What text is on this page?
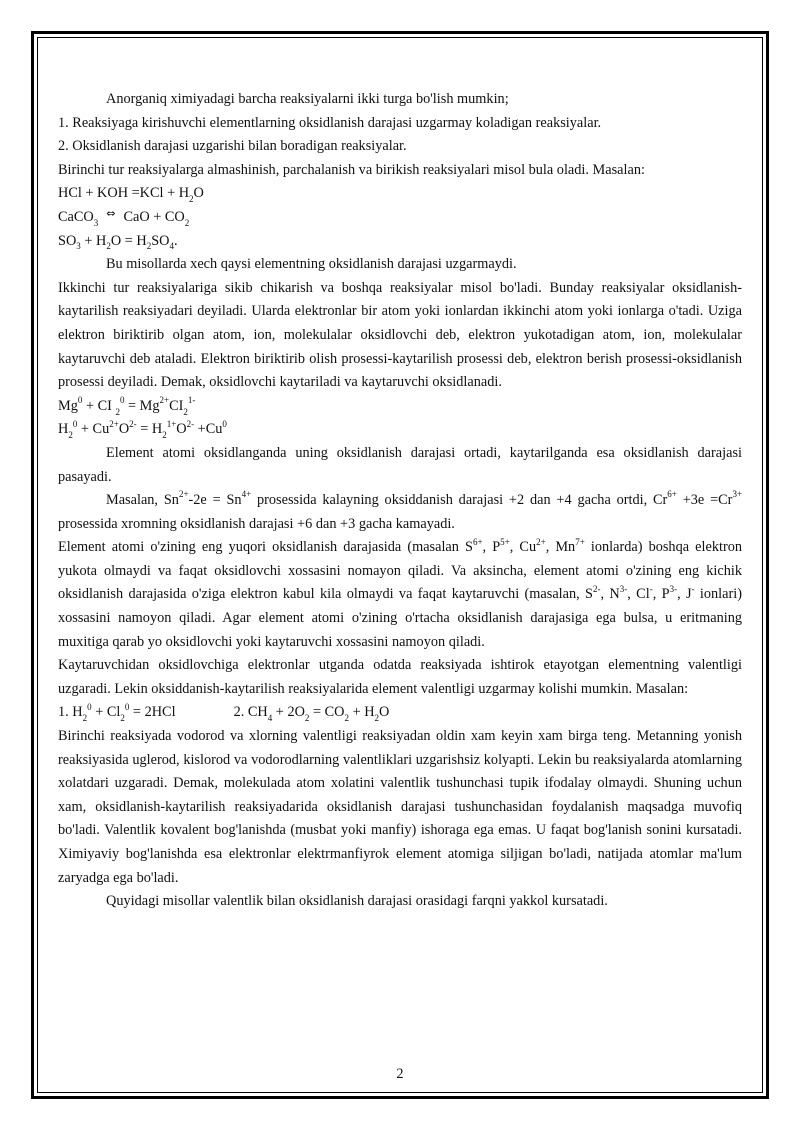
Anorganiq ximiyadagi barcha reaksiyalarni ikki turga bo'lish mumkin;

1. Reaksiyaga kirishuvchi elementlarning oksidlanish darajasi uzgarmay koladigan reaksiyalar.

2. Oksidlanish darajasi uzgarishi bilan boradigan reaksiyalar.

Birinchi tur reaksiyalarga almashinish, parchalanish va birikish reaksiyalari misol bula oladi. Masalan:

HCl + KOH $=KCl + H_2O$

CaCO$_3$⇔ CaO + $CO_2$

$SO_3 + H_2O = H_2SO_4$.

Bu misollarda xech qaysi elementning oksidlanish darajasi uzgarmaydi.

Ikkinchi tur reaksiyalariga sikib chikarish va boshqa reaksiyalar misol bo'ladi. Bunday reaksiyalar oksidlanish-kaytarilish reaksiyadari deyiladi. Ularda elektronlar bir atom yoki ionlardan ikkinchi atom yoki ionlarga o'tadi. Uziga elektron biriktirib olgan atom, ion, molekulalar oksidlovchi deb, elektron yukotadigan atom, ion, molekulalar kaytaruvchi deb ataladi. Elektron biriktirib olish prosessi-kaytarilish prosessi deb, elektron berish prosessi-oksidlanish prosessi deyiladi. Demak, oksidlovchi kaytariladi va kaytaruvchi oksidlanadi.

$Mg^0$ + CI $_2^0 = Mg^{2+}CI_2^{1-}$

$H_2^0 + Cu^{2+}O^{2-} = H_2^{1+}O^{2-} +Cu^0$

Element atomi oksidlanganda uning oksidlanish darajasi ortadi, kaytarilganda esa oksidlanish darajasi pasayadi.

Masalan, $Sn^{2+}-2e = Sn^{4+}$ prosessida kalayning oksiddanish darajasi +2 dan +4 gacha ortdi, $Cr^{6+} +3e =Cr^{3+}$ prosessida xromning oksidlanish darajasi +6 dan +3 gacha kamayadi.

Element atomi o'zining eng yuqori oksidlanish darajasida (masalan $S^{6+}$, $P^{5+}$, $Cu^{2+}$, $Mn^{7+}$ ionlarda) boshqa elektron yukota olmaydi va faqat oksidlovchi xossasini nomayon qiladi. Va aksincha, element atomi o'zining eng kichik oksidlanish darajasida o'ziga elektron kabul kila olmaydi va faqat kaytaruvchi (masalan, $S^{2-}$, $N^{3-}$, Cl-, $P^{3-}$, J- ionlari) xossasini namoyon qiladi. Agar element atomi o'zining o'rtacha oksidlanish darajasiga ega bulsa, u eritmaning muxitiga qarab yo oksidlovchi yoki kaytaruvchi xossasini namoyon qiladi.

Kaytaruvchidan oksidlovchiga elektronlar utganda odatda reaksiyada ishtirok etayotgan elementning valentligi uzgaradi. Lekin oksiddanish-kaytarilish reaksiyalarida element valentligi uzgarmay kolishi mumkin. Masalan:

1. $H_2^0 + Cl_2^0 = 2HCl$	2. $CH_4 + 2O_2 = CO_2 + H_2O$

Birinchi reaksiyada vodorod va xlorning valentligi reaksiyadan oldin xam keyin xam birga teng. Metanning yonish reaksiyasida uglerod, kislorod va vodorodlarning valentliklari uzgarishsiz kolyapti. Lekin bu reaksiyalarda atomlarning xolatdari uzgaradi. Demak, molekulada atom xolatini valentlik tushunchasi tupik ifodalay olmaydi. Shuning uchun xam, oksidlanish-kaytarilish reaksiyadarida oksidlanish darajasi tushunchasidan foydalanish maqsadga muvofiq bo'ladi. Valentlik kovalent bog'lanishda (musbat yoki manfiy) ishoraga ega emas. U faqat bog'lanish sonini kursatadi. Ximiyaviy bog'lanishda esa elektronlar elektrmanfiyrok element atomiga siljigan bo'ladi, natijada atomlar ma'lum zaryadga ega bo'ladi.

Quyidagi misollar valentlik bilan oksidlanish darajasi orasidagi farqni yakkol kursatadi.

2
